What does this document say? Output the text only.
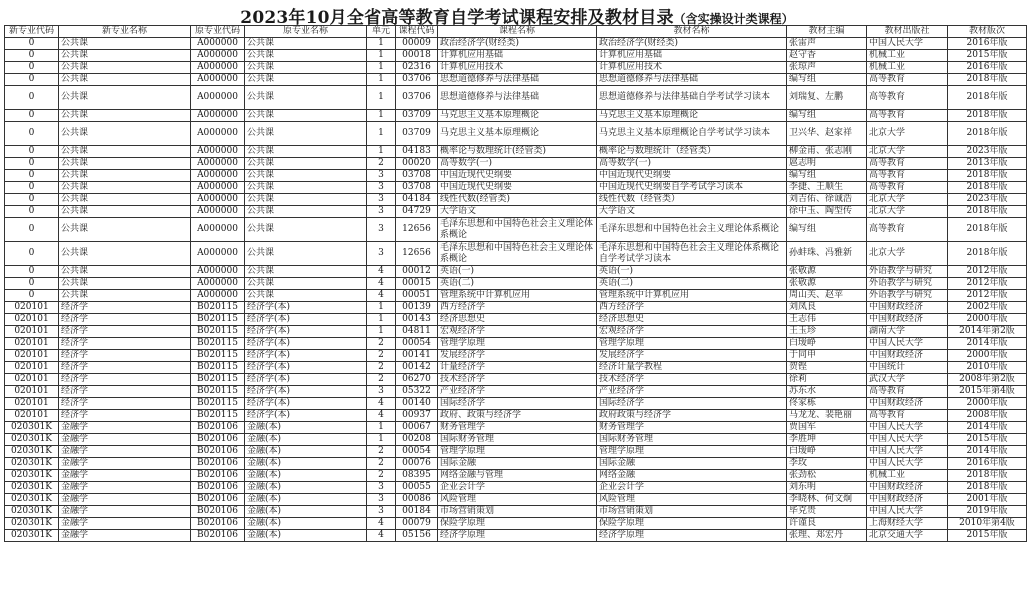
2023年10月全省高等教育自学考试课程安排及教材目录（含实操设计类课程）
新专业代码	新专业名称	原专业代码	原专业名称	单元	课程代码	课程名称	教材名称	教材主编	教材出版社	教材版次
0	公共课	A000000	公共课	1	00009	政治经济学(财经类)	政治经济学(财经类)	张雷声	中国人民大学	2016年版
0	公共课	A000000	公共课	1	00018	计算机应用基础	计算机应用基础	赵守香	机械工业	2015年版
0	公共课	A000000	公共课	1	02316	计算机应用技术	计算机应用技术	张琼声	机械工业	2016年版
0	公共课	A000000	公共课	1	03706	思想道德修养与法律基础	思想道德修养与法律基础	编写组	高等教育	2018年版
0	公共课	A000000	公共课	1	03706	思想道德修养与法律基础	思想道德修养与法律基础自学考试学习读本	刘瑞复、左鹏	高等教育	2018年版
0	公共课	A000000	公共课	1	03709	马克思主义基本原理概论	马克思主义基本原理概论	编写组	高等教育	2018年版
0	公共课	A000000	公共课	1	03709	马克思主义基本原理概论	马克思主义基本原理概论自学考试学习读本	卫兴华、赵家祥	北京大学	2018年版
0	公共课	A000000	公共课	1	04183	概率论与数理统计(经管类)	概率论与数理统计（经管类）	柳金甫、张志刚	北京大学	2023年版
0	公共课	A000000	公共课	2	00020	高等数学(一)	高等数学(一)	扈志明	高等教育	2013年版
0	公共课	A000000	公共课	3	03708	中国近现代史纲要	中国近现代史纲要	编写组	高等教育	2018年版
0	公共课	A000000	公共课	3	03708	中国近现代史纲要	中国近现代史纲要自学考试学习读本	李捷、王顺生	高等教育	2018年版
0	公共课	A000000	公共课	3	04184	线性代数(经管类)	线性代数（经管类）	刘吉佑、徐诚浩	北京大学	2023年版
0	公共课	A000000	公共课	3	04729	大学语文	大学语文	徐中玉、陶型传	北京大学	2018年版
0	公共课	A000000	公共课	3	12656	毛泽东思想和中国特色社会主义理论体系概论	毛泽东思想和中国特色社会主义理论体系概论	编写组	高等教育	2018年版
0	公共课	A000000	公共课	3	12656	毛泽东思想和中国特色社会主义理论体系概论	毛泽东思想和中国特色社会主义理论体系概论自学考试学习读本	孙蚌珠、冯雅新	北京大学	2018年版
0	公共课	A000000	公共课	4	00012	英语(一)	英语(一)	张敬源	外语教学与研究	2012年版
0	公共课	A000000	公共课	4	00015	英语(二)	英语(二)	张敬源	外语教学与研究	2012年版
0	公共课	A000000	公共课	4	00051	管理系统中计算机应用	管理系统中计算机应用	周山芙、赵苹	外语教学与研究	2012年版
020101	经济学	B020115	经济学(本)	1	00139	西方经济学	西方经济学	刘凤良	中国财政经济	2002年版
020101	经济学	B020115	经济学(本)	1	00143	经济思想史	经济思想史	王志伟	中国财政经济	2000年版
020101	经济学	B020115	经济学(本)	1	04811	宏观经济学	宏观经济学	王玉珍	湖南大学	2014年第2版
020101	经济学	B020115	经济学(本)	2	00054	管理学原理	管理学原理	白瑷峥	中国人民大学	2014年版
020101	经济学	B020115	经济学(本)	2	00141	发展经济学	发展经济学	于同申	中国财政经济	2000年版
020101	经济学	B020115	经济学(本)	2	00142	计量经济学	经济计量学教程	贺铿	中国统计	2010年版
020101	经济学	B020115	经济学(本)	2	06270	技术经济学	技术经济学	徐莉	武汉大学	2008年第2版
020101	经济学	B020115	经济学(本)	3	05322	产业经济学	产业经济学	苏东水	高等教育	2015年第4版
020101	经济学	B020115	经济学(本)	4	00140	国际经济学	国际经济学	佟家栋	中国财政经济	2000年版
020101	经济学	B020115	经济学(本)	4	00937	政府、政策与经济学	政府政策与经济学	马龙龙、裴艳丽	高等教育	2008年版
020301K	金融学	B020106	金融(本)	1	00067	财务管理学	财务管理学	贾国军	中国人民大学	2014年版
020301K	金融学	B020106	金融(本)	1	00208	国际财务管理	国际财务管理	李胜坤	中国人民大学	2015年版
020301K	金融学	B020106	金融(本)	2	00054	管理学原理	管理学原理	白瑷峥	中国人民大学	2014年版
020301K	金融学	B020106	金融(本)	2	00076	国际金融	国际金融	李玫	中国人民大学	2016年版
020301K	金融学	B020106	金融(本)	2	08395	网络金融与管理	网络金融	张劲松	机械工业	2018年版
020301K	金融学	B020106	金融(本)	3	00055	企业会计学	企业会计学	刘东明	中国财政经济	2018年版
020301K	金融学	B020106	金融(本)	3	00086	风险管理	风险管理	李晓林、何文炯	中国财政经济	2001年版
020301K	金融学	B020106	金融(本)	3	00184	市场营销策划	市场营销策划	毕克贵	中国人民大学	2019年版
020301K	金融学	B020106	金融(本)	4	00079	保险学原理	保险学原理	许谨良	上海财经大学	2010年第4版
020301K	金融学	B020106	金融(本)	4	05156	经济学原理	经济学原理	张理、郑宏丹	北京交通大学	2015年版
